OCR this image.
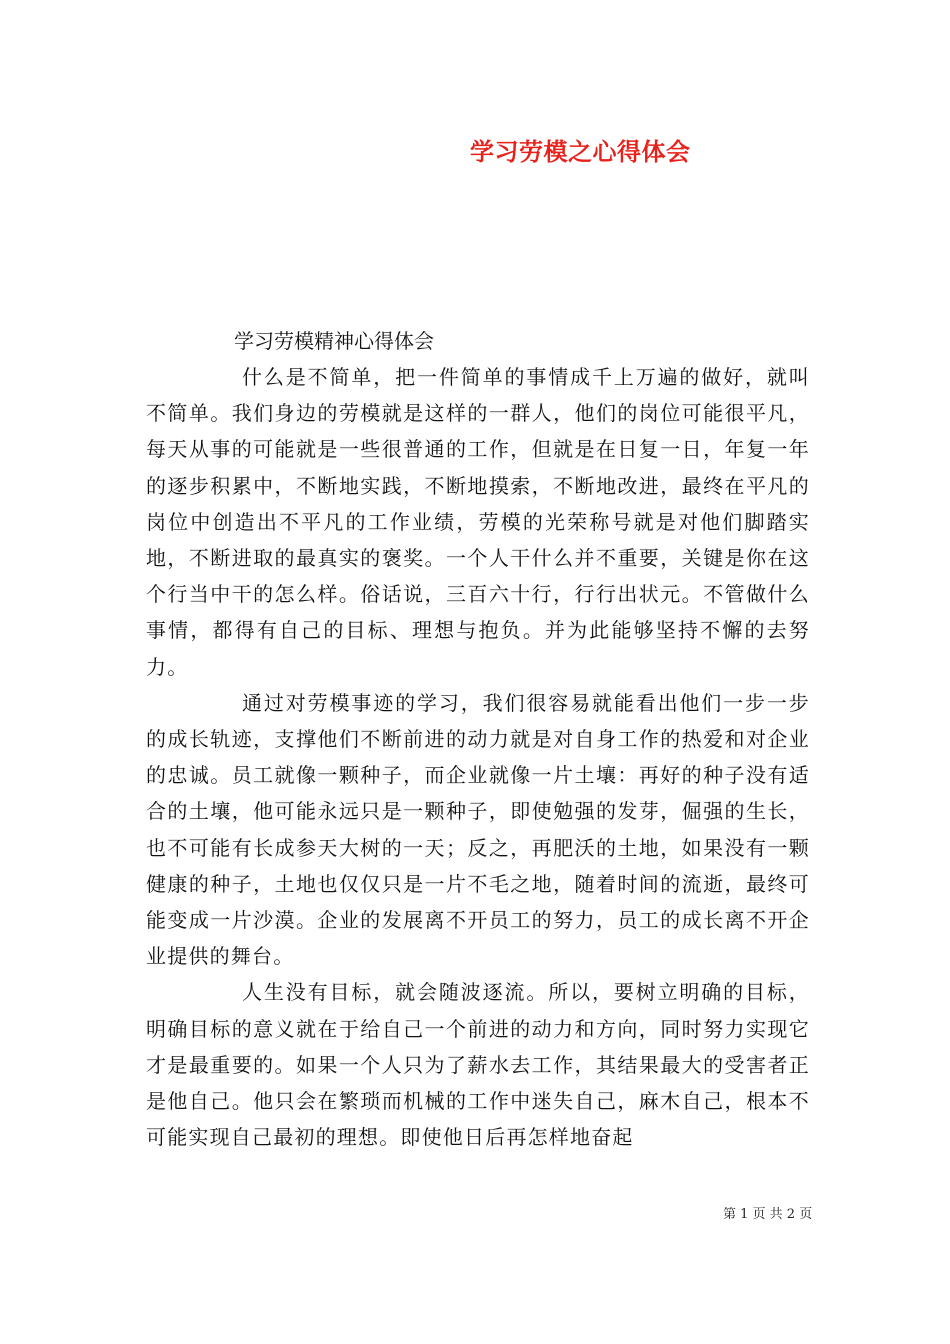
学习劳模之心得体会
学习劳模精神心得体会

什么是不简单，把一件简单的事情成千上万遍的做好，就叫不简单。我们身边的劳模就是这样的一群人，他们的岗位可能很平凡，每天从事的可能就是一些很普通的工作，但就是在日复一日，年复一年的逐步积累中，不断地实践，不断地摸索，不断地改进，最终在平凡的岗位中创造出不平凡的工作业绩，劳模的光荣称号就是对他们脚踏实地，不断进取的最真实的褒奖。一个人干什么并不重要，关键是你在这个行当中干的怎么样。俗话说，三百六十行，行行出状元。不管做什么事情，都得有自己的目标、理想与抱负。并为此能够坚持不懈的去努力。

通过对劳模事迹的学习，我们很容易就能看出他们一步一步的成长轨迹，支撑他们不断前进的动力就是对自身工作的热爱和对企业的忠诚。员工就像一颗种子，而企业就像一片土壤：再好的种子没有适合的土壤，他可能永远只是一颗种子，即使勉强的发芽，倔强的生长，也不可能有长成参天大树的一天；反之，再肥沃的土地，如果没有一颗健康的种子，土地也仅仅只是一片不毛之地，随着时间的流逝，最终可能变成一片沙漠。企业的发展离不开员工的努力，员工的成长离不开企业提供的舞台。

人生没有目标，就会随波逐流。所以，要树立明确的目标，明确目标的意义就在于给自己一个前进的动力和方向，同时努力实现它才是最重要的。如果一个人只为了薪水去工作，其结果最大的受害者正是他自己。他只会在繁琐而机械的工作中迷失自己，麻木自己，根本不可能实现自己最初的理想。即使他日后再怎样地奋起

第 1 页 共 2 页
